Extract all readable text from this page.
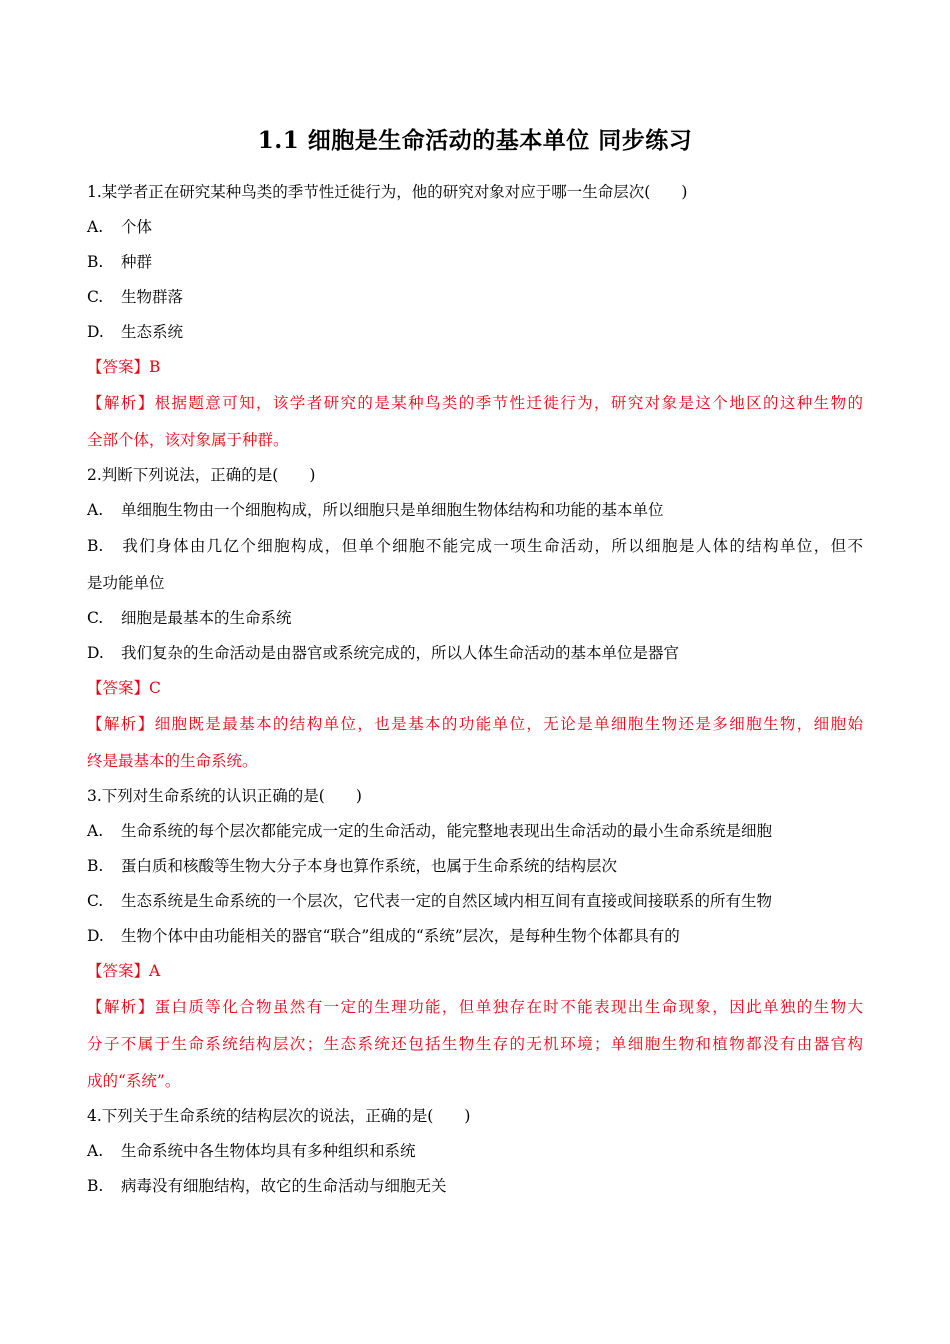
1.1 细胞是生命活动的基本单位 同步练习
1.某学者正在研究某种鸟类的季节性迁徙行为，他的研究对象对应于哪一生命层次(　　)
A. 个体
B. 种群
C. 生物群落
D. 生态系统
【答案】B
【解析】根据题意可知，该学者研究的是某种鸟类的季节性迁徙行为，研究对象是这个地区的这种生物的
全部个体，该对象属于种群。
2.判断下列说法，正确的是(　　)
A. 单细胞生物由一个细胞构成，所以细胞只是单细胞生物体结构和功能的基本单位
B. 我们身体由几亿个细胞构成，但单个细胞不能完成一项生命活动，所以细胞是人体的结构单位，但不
是功能单位
C. 细胞是最基本的生命系统
D. 我们复杂的生命活动是由器官或系统完成的，所以人体生命活动的基本单位是器官
【答案】C
【解析】细胞既是最基本的结构单位，也是基本的功能单位，无论是单细胞生物还是多细胞生物，细胞始
终是最基本的生命系统。
3.下列对生命系统的认识正确的是(　　)
A. 生命系统的每个层次都能完成一定的生命活动，能完整地表现出生命活动的最小生命系统是细胞
B. 蛋白质和核酸等生物大分子本身也算作系统，也属于生命系统的结构层次
C. 生态系统是生命系统的一个层次，它代表一定的自然区域内相互间有直接或间接联系的所有生物
D. 生物个体中由功能相关的器官“联合”组成的“系统”层次，是每种生物个体都具有的
【答案】A
【解析】蛋白质等化合物虽然有一定的生理功能，但单独存在时不能表现出生命现象，因此单独的生物大
分子不属于生命系统结构层次；生态系统还包括生物生存的无机环境；单细胞生物和植物都没有由器官构
成的“系统”。
4.下列关于生命系统的结构层次的说法，正确的是(　　)
A. 生命系统中各生物体均具有多种组织和系统
B. 病毒没有细胞结构，故它的生命活动与细胞无关
